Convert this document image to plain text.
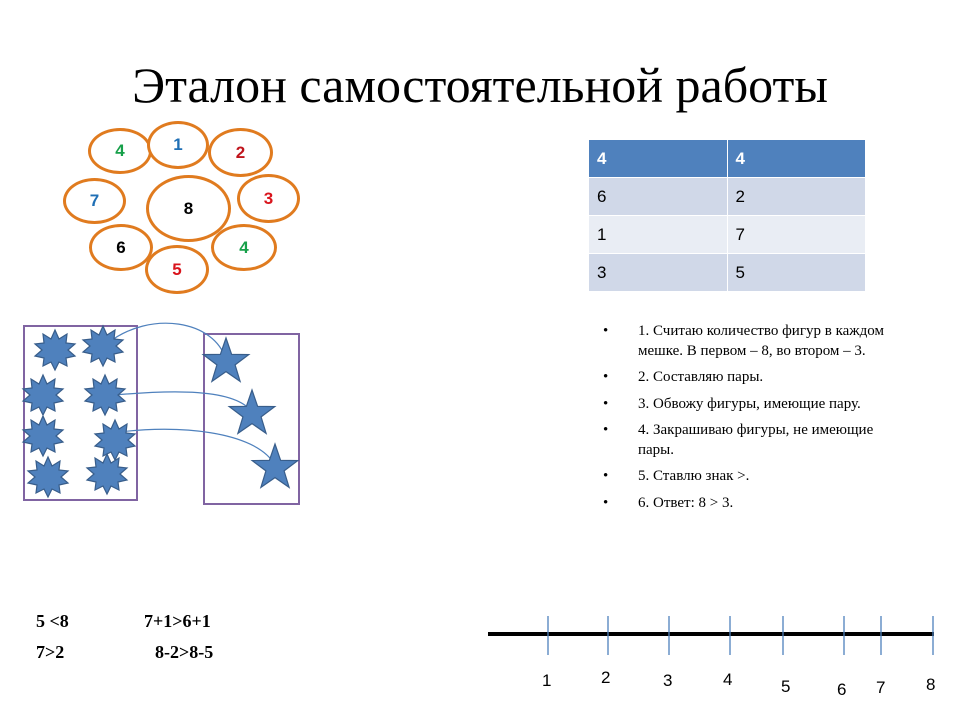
Эталон самостоятельной работы
4	1	2
7	8
3
6	4
5
4	4
6	2
1	7
3	5
• 1. Считаю количество фигур в каждом мешке. В первом – 8, во втором – 3.
• 2. Составляю пары.
• 3. Обвожу фигуры, имеющие пару.
• 4. Закрашиваю фигуры, не имеющие пары.
• 5. Ставлю знак >.
• 6. Ответ: 8 > 3.
5 <8	7+1>6+1
7>2	8-2>8-5
1	2	3	4	5	6 7 8
